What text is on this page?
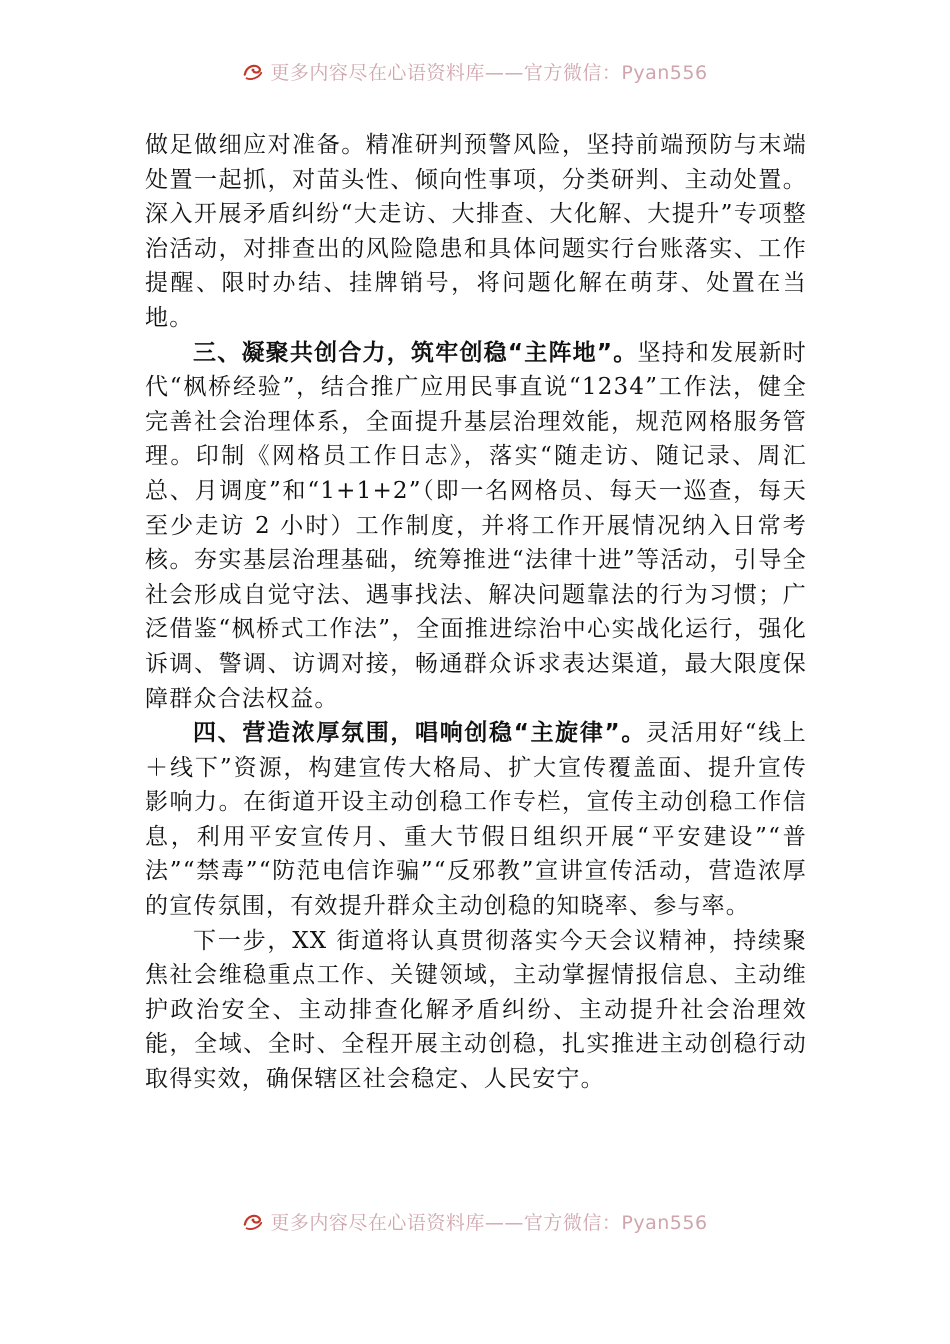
更多内容尽在心语资料库——官方微信：Pyan556

做足做细应对准备。精准研判预警风险，坚持前端预防与末端处置一起抓，对苗头性、倾向性事项，分类研判、主动处置。深入开展矛盾纠纷“大走访、大排查、大化解、大提升”专项整治活动，对排查出的风险隐患和具体问题实行台账落实、工作提醒、限时办结、挂牌销号，将问题化解在萌芽、处置在当地。

三、凝聚共创合力，筑牢创稳“主阵地”。坚持和发展新时代“枫桥经验”，结合推广应用民事直说“1234”工作法，健全完善社会治理体系，全面提升基层治理效能，规范网格服务管理。印制《网格员工作日志》，落实“随走访、随记录、周汇总、月调度”和“1+1+2”（即一名网格员、每天一巡查，每天至少走访 2 小时）工作制度，并将工作开展情况纳入日常考核。夯实基层治理基础，统筹推进“法律十进”等活动，引导全社会形成自觉守法、遇事找法、解决问题靠法的行为习惯；广泛借鉴“枫桥式工作法”，全面推进综治中心实战化运行，强化诉调、警调、访调对接，畅通群众诉求表达渠道，最大限度保障群众合法权益。

四、营造浓厚氛围，唱响创稳“主旋律”。灵活用好“线上＋线下”资源，构建宣传大格局、扩大宣传覆盖面、提升宣传影响力。在街道开设主动创稳工作专栏，宣传主动创稳工作信息，利用平安宣传月、重大节假日组织开展“平安建设”“普法”“禁毒”“防范电信诈骗”“反邪教”宣讲宣传活动，营造浓厚的宣传氛围，有效提升群众主动创稳的知晓率、参与率。

下一步，XX 街道将认真贯彻落实今天会议精神，持续聚焦社会维稳重点工作、关键领域，主动掌握情报信息、主动维护政治安全、主动排查化解矛盾纠纷、主动提升社会治理效能，全域、全时、全程开展主动创稳，扎实推进主动创稳行动取得实效，确保辖区社会稳定、人民安宁。

更多内容尽在心语资料库——官方微信：Pyan556
